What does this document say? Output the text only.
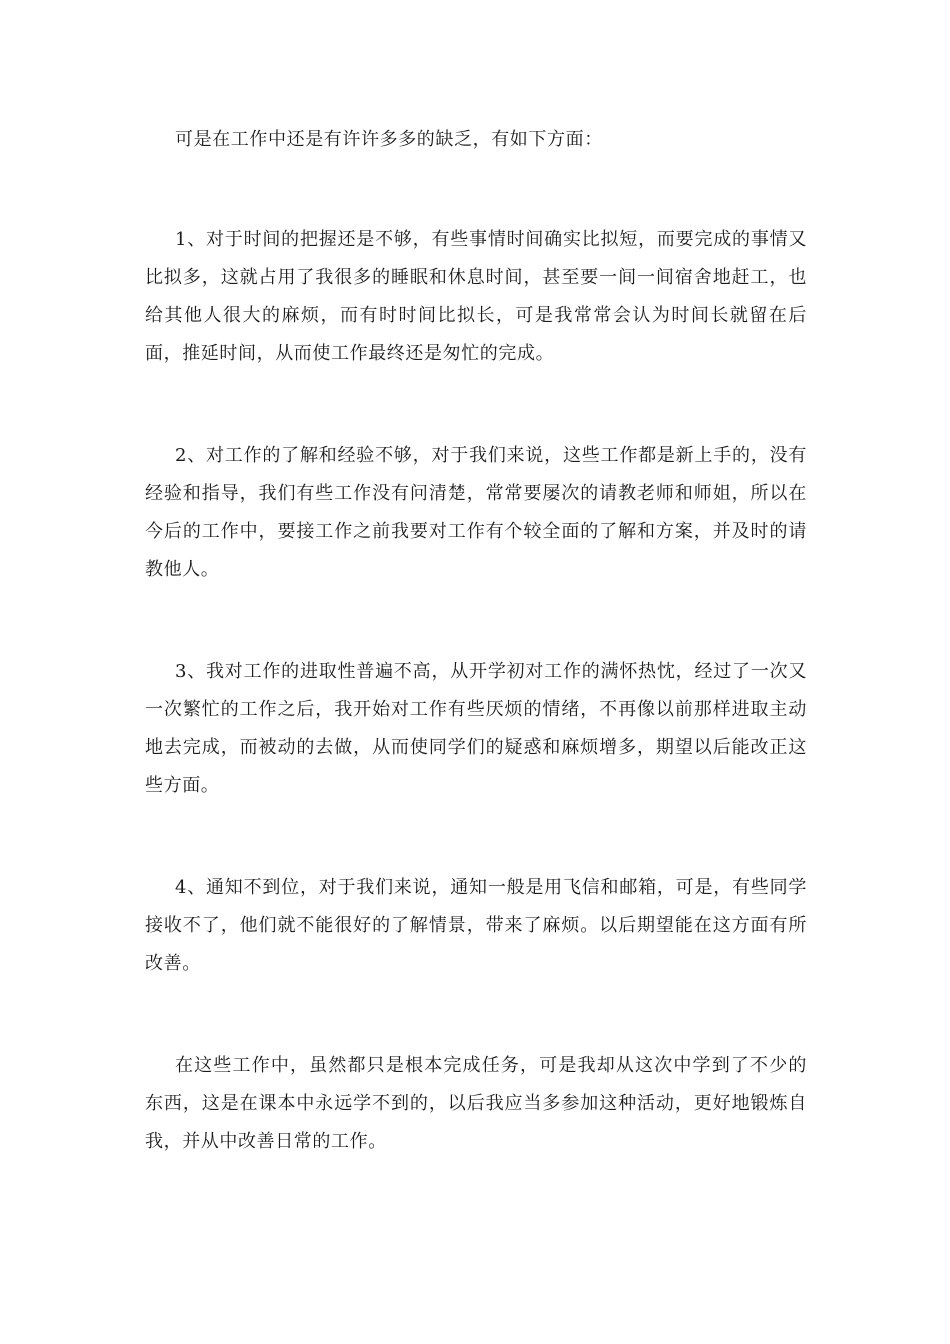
可是在工作中还是有许许多多的缺乏，有如下方面：

1、对于时间的把握还是不够，有些事情时间确实比拟短，而要完成的事情又比拟多，这就占用了我很多的睡眠和休息时间，甚至要一间一间宿舍地赶工，也给其他人很大的麻烦，而有时时间比拟长，可是我常常会认为时间长就留在后面，推延时间，从而使工作最终还是匆忙的完成。

2、对工作的了解和经验不够，对于我们来说，这些工作都是新上手的，没有经验和指导，我们有些工作没有问清楚，常常要屡次的请教老师和师姐，所以在今后的工作中，要接工作之前我要对工作有个较全面的了解和方案，并及时的请教他人。

3、我对工作的进取性普遍不高，从开学初对工作的满怀热忱，经过了一次又一次繁忙的工作之后，我开始对工作有些厌烦的情绪，不再像以前那样进取主动地去完成，而被动的去做，从而使同学们的疑惑和麻烦增多，期望以后能改正这些方面。

4、通知不到位，对于我们来说，通知一般是用飞信和邮箱，可是，有些同学接收不了，他们就不能很好的了解情景，带来了麻烦。以后期望能在这方面有所改善。

在这些工作中，虽然都只是根本完成任务，可是我却从这次中学到了不少的东西，这是在课本中永远学不到的，以后我应当多参加这种活动，更好地锻炼自我，并从中改善日常的工作。
